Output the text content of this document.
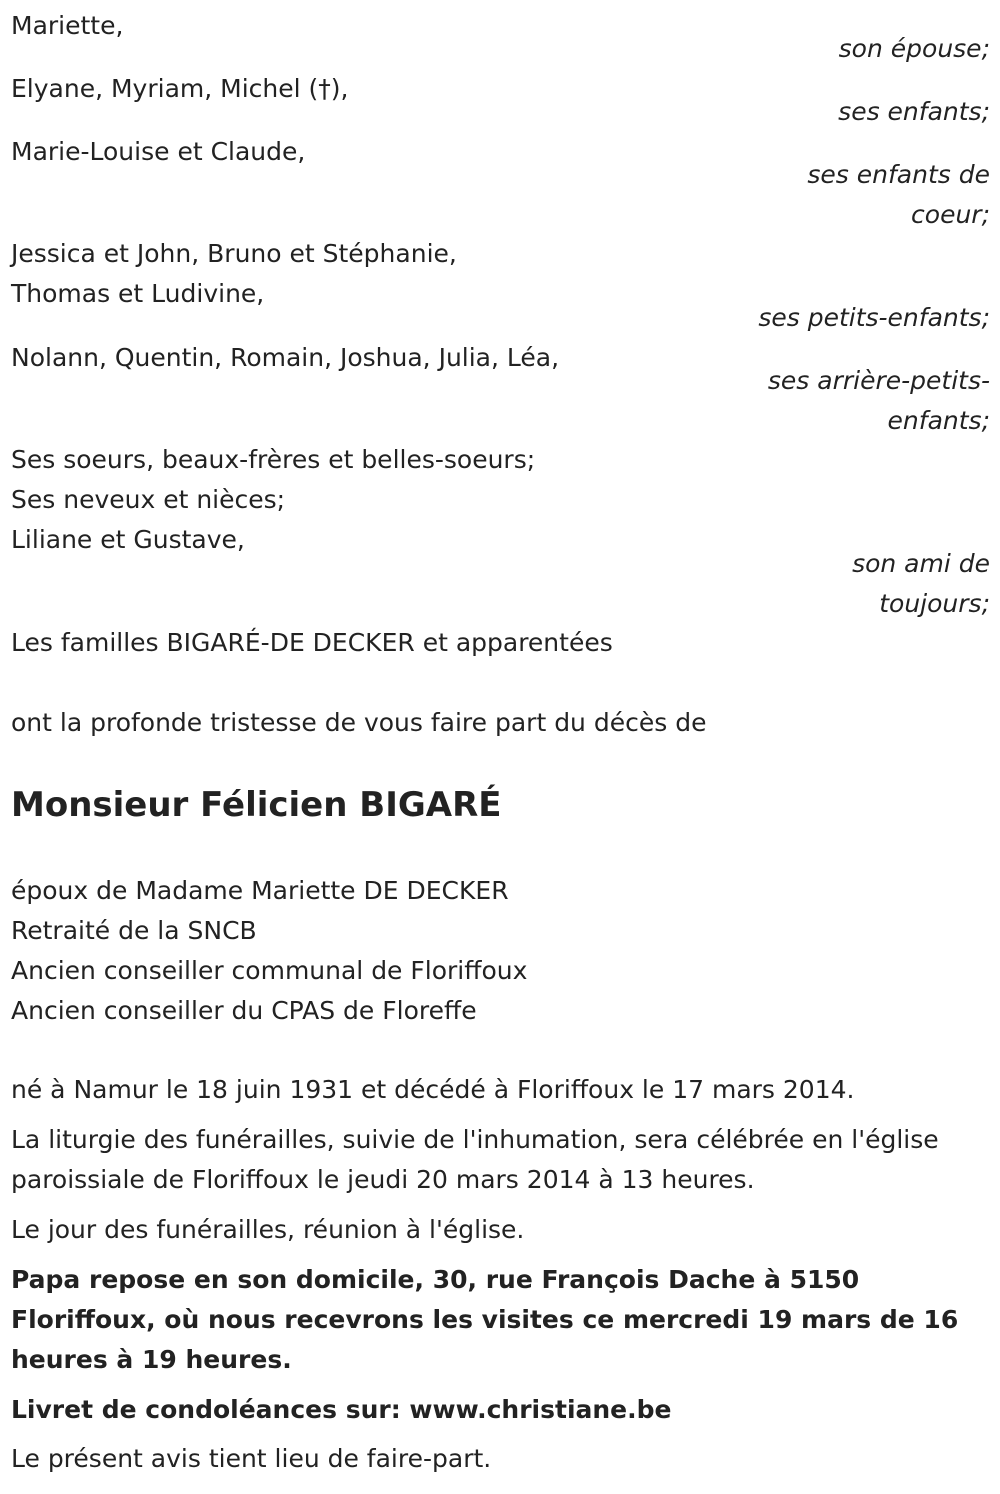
Mariette,
son épouse;
Elyane, Myriam, Michel (†),
ses enfants;
Marie-Louise et Claude,
ses enfants de
coeur;
Jessica et John, Bruno et Stéphanie,
Thomas et Ludivine,
ses petits-enfants;
Nolann, Quentin, Romain, Joshua, Julia, Léa,
ses arrière-petits-
enfants;
Ses soeurs, beaux-frères et belles-soeurs;
Ses neveux et nièces;
Liliane et Gustave,
son ami de
toujours;
Les familles BIGARÉ-DE DECKER et apparentées
ont la profonde tristesse de vous faire part du décès de
Monsieur Félicien BIGARÉ
époux de Madame Mariette DE DECKER
Retraité de la SNCB
Ancien conseiller communal de Floriffoux
Ancien conseiller du CPAS de Floreffe
né à Namur le 18 juin 1931 et décédé à Floriffoux le 17 mars 2014.
La liturgie des funérailles, suivie de l'inhumation, sera célébrée en l'église paroissiale de Floriffoux le jeudi 20 mars 2014 à 13 heures.
Le jour des funérailles, réunion à l'église.
Papa repose en son domicile, 30, rue François Dache à 5150 Floriffoux, où nous recevrons les visites ce mercredi 19 mars de 16 heures à 19 heures.
Livret de condoléances sur: www.christiane.be
Le présent avis tient lieu de faire-part.
